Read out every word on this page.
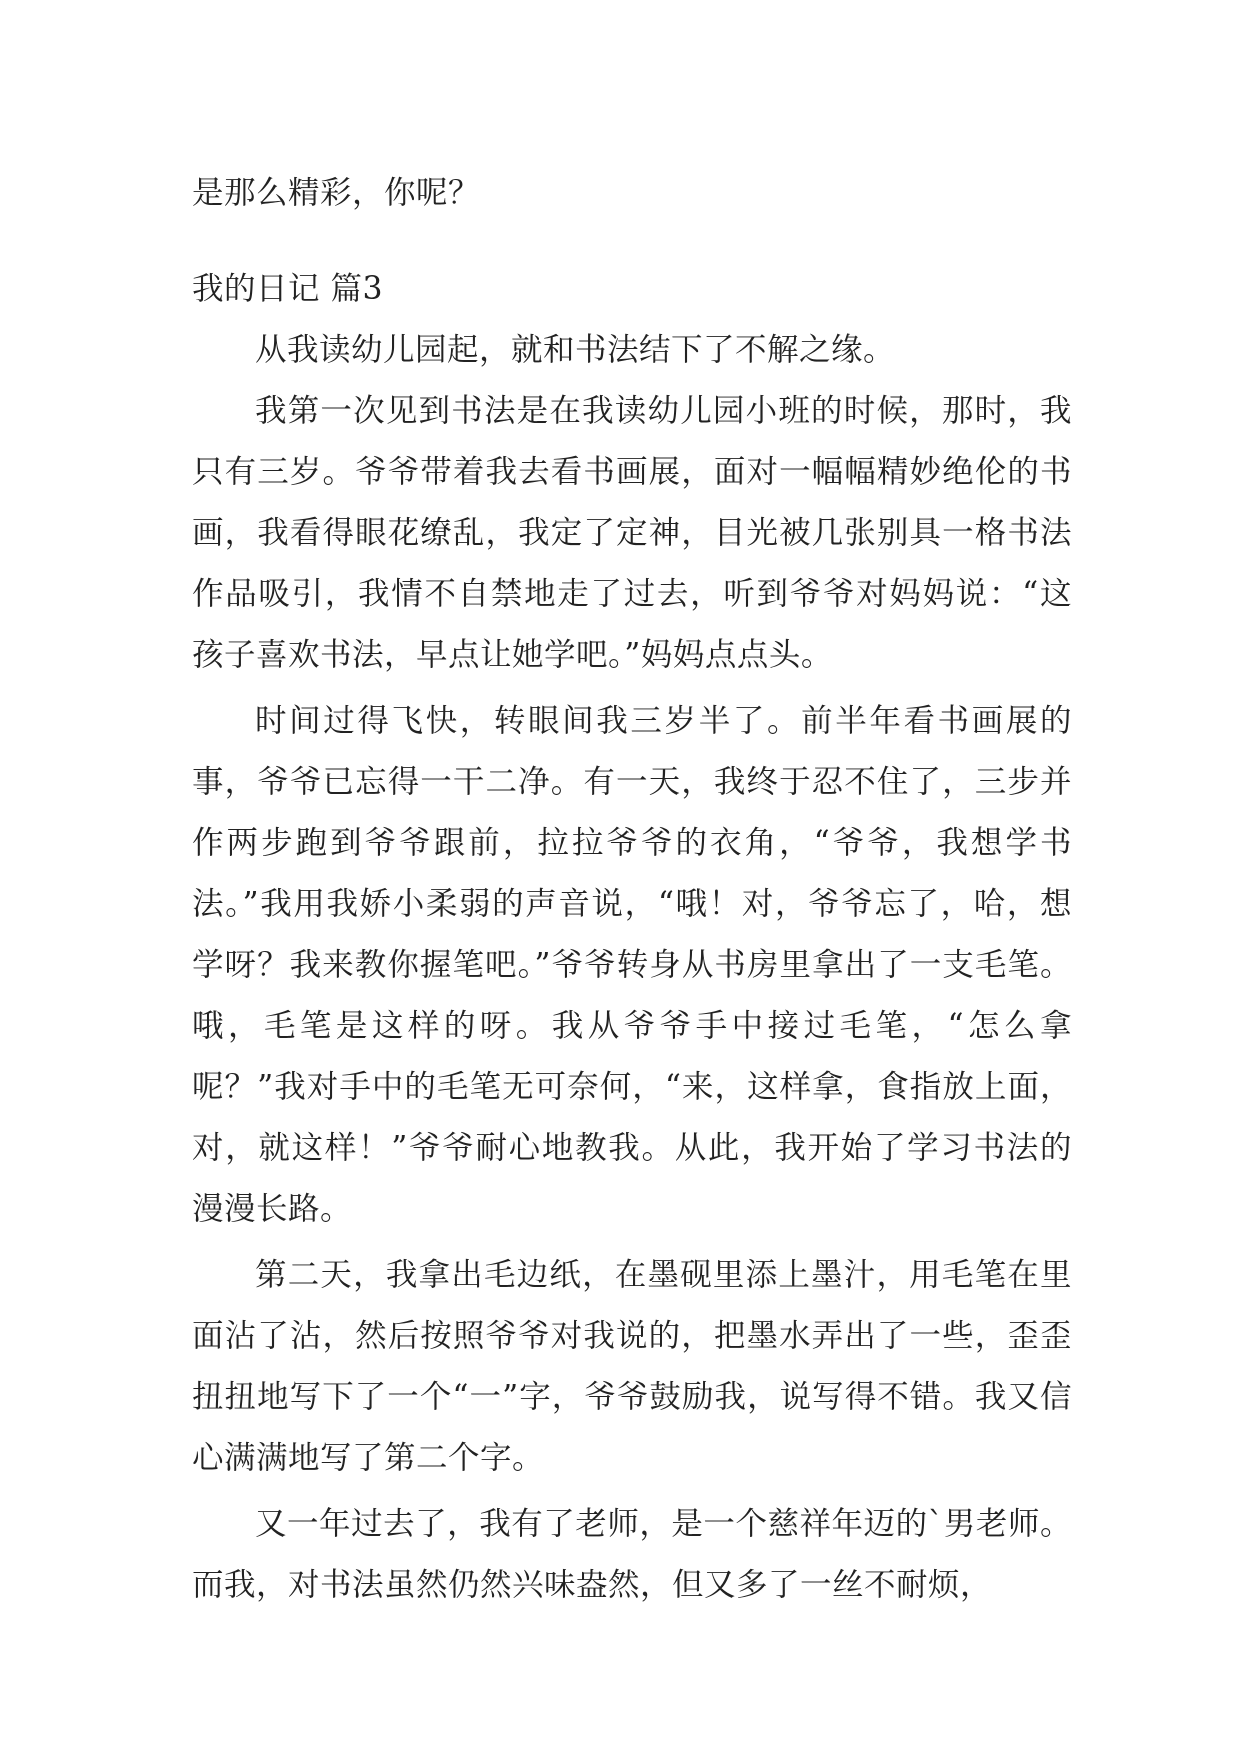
是那么精彩，你呢？

我的日记 篇3

从我读幼儿园起，就和书法结下了不解之缘。

我第一次见到书法是在我读幼儿园小班的时候，那时，我只有三岁。爷爷带着我去看书画展，面对一幅幅精妙绝伦的书画，我看得眼花缭乱，我定了定神，目光被几张别具一格书法作品吸引，我情不自禁地走了过去，听到爷爷对妈妈说：“这孩子喜欢书法，早点让她学吧。”妈妈点点头。

时间过得飞快，转眼间我三岁半了。前半年看书画展的事，爷爷已忘得一干二净。有一天，我终于忍不住了，三步并作两步跑到爷爷跟前，拉拉爷爷的衣角，“爷爷，我想学书法。”我用我娇小柔弱的声音说，“哦！对，爷爷忘了，哈，想学呀？我来教你握笔吧。”爷爷转身从书房里拿出了一支毛笔。哦，毛笔是这样的呀。我从爷爷手中接过毛笔，“怎么拿呢？”我对手中的毛笔无可奈何，“来，这样拿，食指放上面，对，就这样！”爷爷耐心地教我。从此，我开始了学习书法的漫漫长路。

第二天，我拿出毛边纸，在墨砚里添上墨汁，用毛笔在里面沾了沾，然后按照爷爷对我说的，把墨水弄出了一些，歪歪扭扭地写下了一个“一”字，爷爷鼓励我，说写得不错。我又信心满满地写了第二个字。

又一年过去了，我有了老师，是一个慈祥年迈的`男老师。而我，对书法虽然仍然兴味盎然，但又多了一丝不耐烦，
